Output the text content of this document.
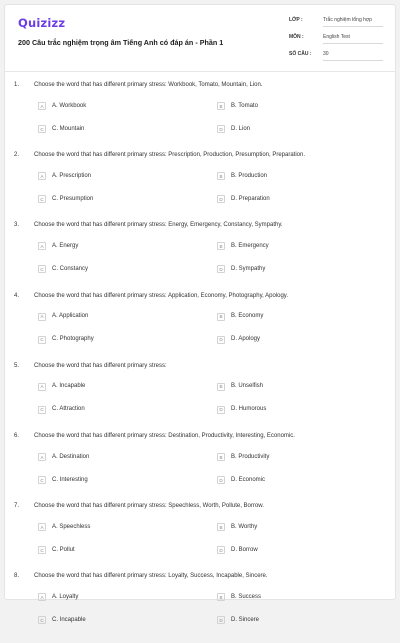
Quizizz
200 Câu trắc nghiệm trọng âm Tiếng Anh có đáp án - Phần 1
LỚP :	Trắc nghiệm tổng hợp
MÔN :	English Test
SỐ CÂU : 30
1. Choose the word that has different primary stress: Workbook, Tomato, Mountain, Lion.
A	A. Workbook	B	B. Tomato
C	C. Mountain	D	D. Lion
2. Choose the word that has different primary stress: Prescription, Production, Presumption, Preparation.
A	A. Prescription	B	B. Production
C	C. Presumption	D	D. Preparation
3. Choose the word that has different primary stress: Energy, Emergency, Constancy, Sympathy.
A	A. Energy	B	B. Emergency
C	C. Constancy	D	D. Sympathy
4. Choose the word that has different primary stress: Application, Economy, Photography, Apology.
A	A. Application	B	B. Economy
C	C. Photography	D	D. Apology
5. Choose the word that has different primary stress:
A	A. Incapable	B	B. Unselfish
C	C. Attraction	D	D. Humorous
6. Choose the word that has different primary stress: Destination, Productivity, Interesting, Economic.
A	A. Destination	B	B. Productivity
C	C. Interesting	D	D. Economic
7. Choose the word that has different primary stress: Speechless, Worth, Pollute, Borrow.
A	A. Speechless	B	B. Worthy
C	C. Pollut	D	D. Borrow
8. Choose the word that has different primary stress: Loyalty, Success, Incapable, Sincere.
A	A. Loyalty	B	B. Success
C	C. Incapable	D	D. Sincere
